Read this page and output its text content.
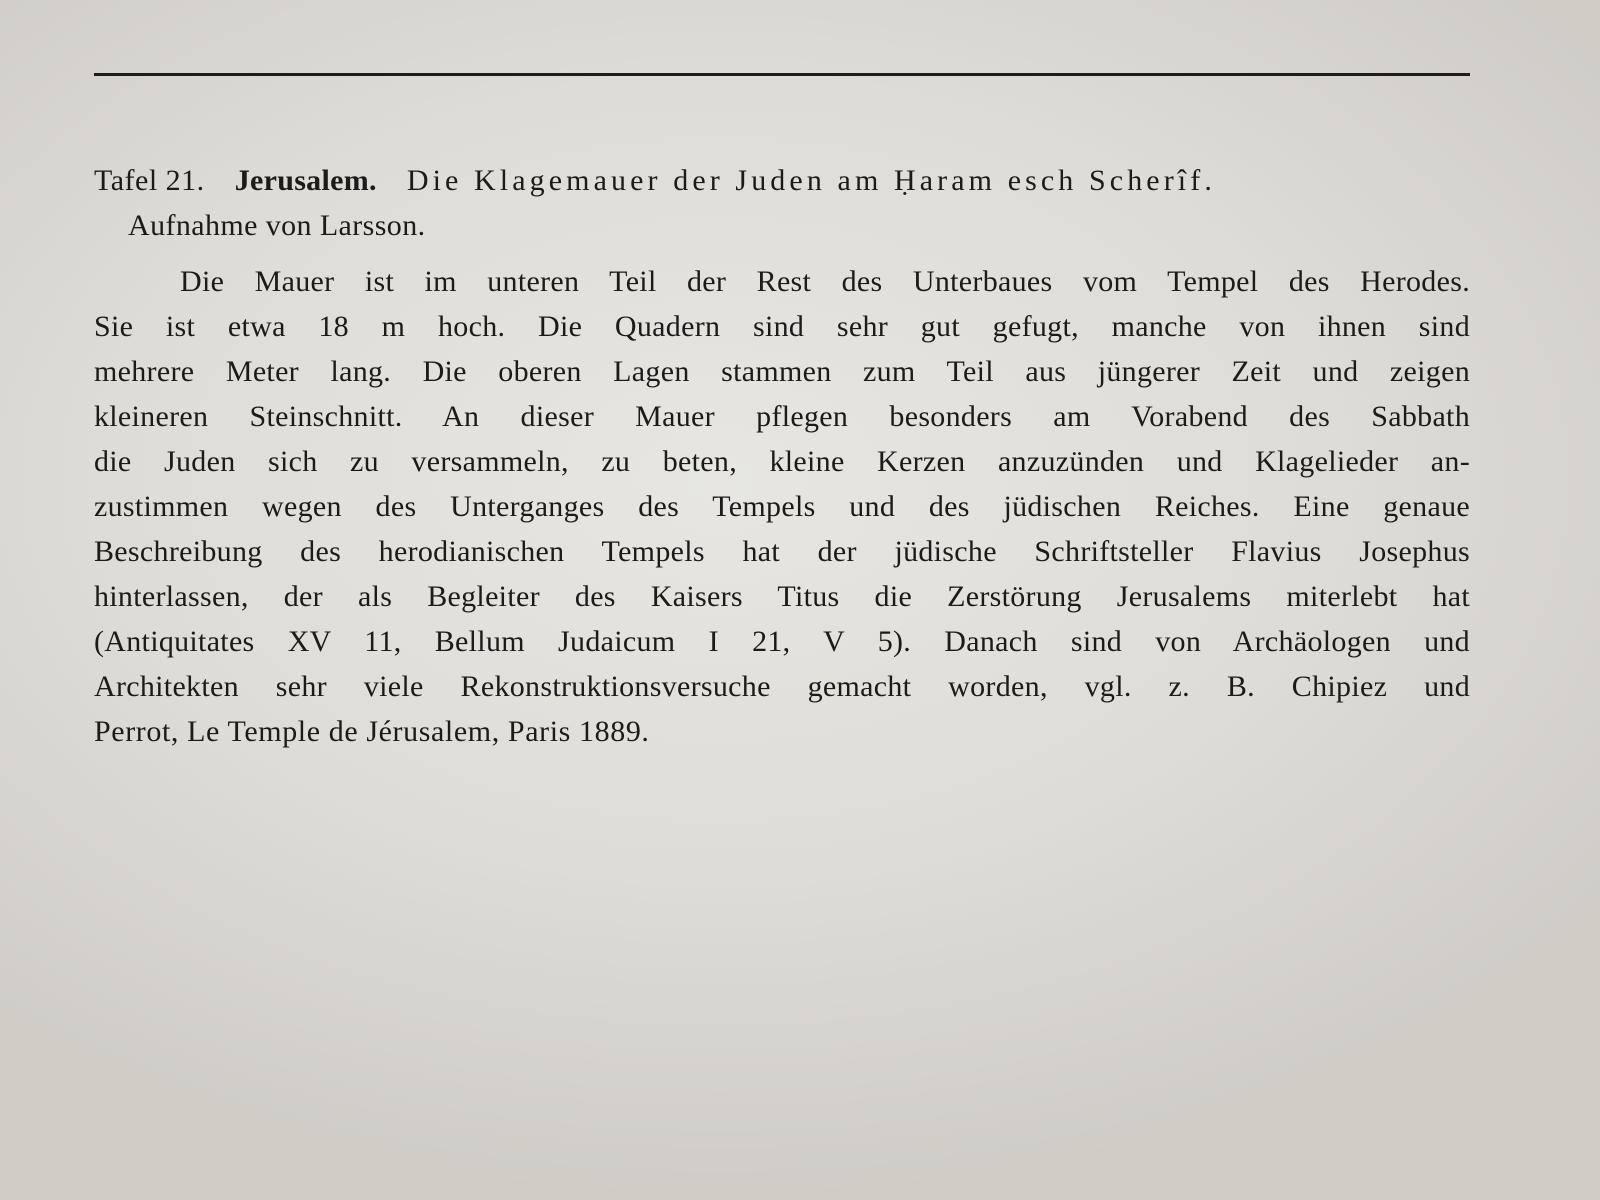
Tafel 21. Jerusalem. Die Klagemauer der Juden am Ḥaram esch Scherîf.
Aufnahme von Larsson.
Die Mauer ist im unteren Teil der Rest des Unterbaues vom Tempel des Herodes.
Sie ist etwa 18 m hoch. Die Quadern sind sehr gut gefugt, manche von ihnen sind
mehrere Meter lang. Die oberen Lagen stammen zum Teil aus jüngerer Zeit und zeigen
kleineren Steinschnitt. An dieser Mauer pflegen besonders am Vorabend des Sabbath
die Juden sich zu versammeln, zu beten, kleine Kerzen anzuzünden und Klagelieder an-
zustimmen wegen des Unterganges des Tempels und des jüdischen Reiches. Eine genaue
Beschreibung des herodianischen Tempels hat der jüdische Schriftsteller Flavius Josephus
hinterlassen, der als Begleiter des Kaisers Titus die Zerstörung Jerusalems miterlebt hat
(Antiquitates XV 11, Bellum Judaicum I 21, V 5). Danach sind von Archäologen und
Architekten sehr viele Rekonstruktionsversuche gemacht worden, vgl. z. B. Chipiez und
Perrot, Le Temple de Jérusalem, Paris 1889.
